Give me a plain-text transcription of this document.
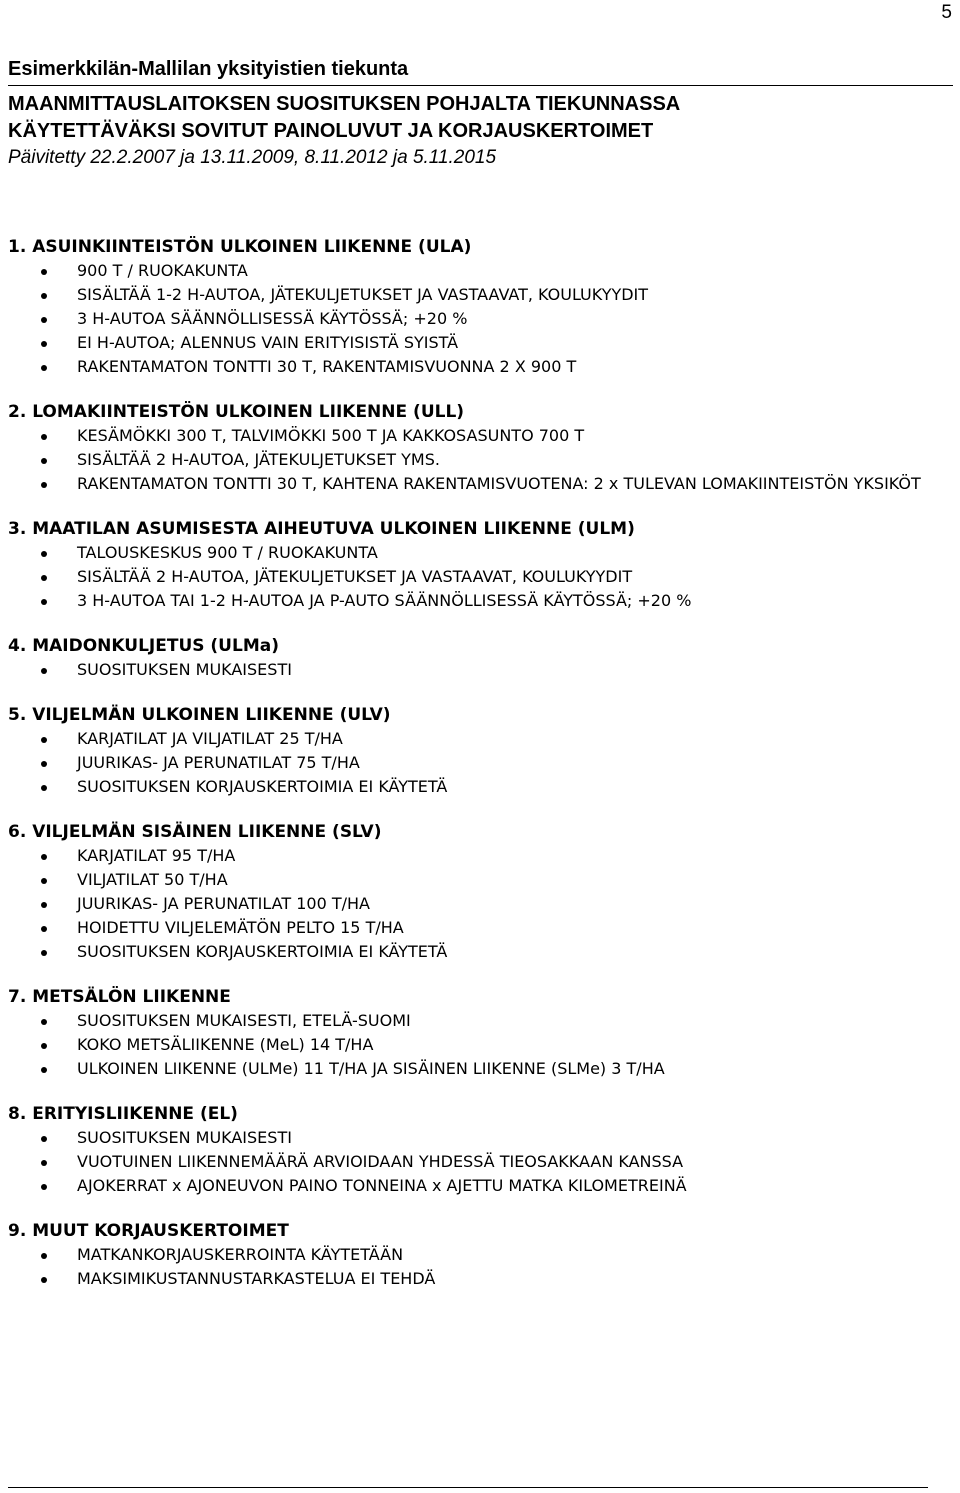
5
Esimerkkilän-Mallilan yksityistien tiekunta
MAANMITTAUSLAITOKSEN SUOSITUKSEN POHJALTA TIEKUNNASSA
KÄYTETTÄVÄKSI SOVITUT PAINOLUVUT JA KORJAUSKERTOIMET
Päivitetty 22.2.2007 ja 13.11.2009, 8.11.2012 ja 5.11.2015
1. ASUINKIINTEISTÖN ULKOINEN LIIKENNE (ULA)
900 T / RUOKAKUNTA
SISÄLTÄÄ 1-2 H-AUTOA, JÄTEKULJETUKSET JA VASTAAVAT, KOULUKYYDIT
3 H-AUTOA SÄÄNNÖLLISESSÄ KÄYTÖSSÄ; +20 %
EI H-AUTOA; ALENNUS VAIN ERITYISISTÄ SYISTÄ
RAKENTAMATON TONTTI 30 T, RAKENTAMISVUONNA 2 X 900 T
2. LOMAKIINTEISTÖN ULKOINEN LIIKENNE (ULL)
KESÄMÖKKI 300 T, TALVIMÖKKI 500 T JA KAKKOSASUNTO 700 T
SISÄLTÄÄ 2 H-AUTOA, JÄTEKULJETUKSET YMS.
RAKENTAMATON TONTTI 30 T, KAHTENA RAKENTAMISVUOTENA: 2 x TULEVAN LOMAKIINTEISTÖN YKSIKÖT
3. MAATILAN ASUMISESTA AIHEUTUVA ULKOINEN LIIKENNE (ULM)
TALOUSKESKUS 900 T / RUOKAKUNTA
SISÄLTÄÄ 2 H-AUTOA, JÄTEKULJETUKSET JA VASTAAVAT, KOULUKYYDIT
3 H-AUTOA TAI 1-2 H-AUTOA JA P-AUTO SÄÄNNÖLLISESSÄ KÄYTÖSSÄ; +20 %
4. MAIDONKULJETUS (ULMa)
SUOSITUKSEN MUKAISESTI
5. VILJELMÄN ULKOINEN LIIKENNE (ULV)
KARJATILAT JA VILJATILAT 25 T/HA
JUURIKAS- JA PERUNATILAT 75 T/HA
SUOSITUKSEN KORJAUSKERTOIMIA EI KÄYTETÄ
6. VILJELMÄN SISÄINEN LIIKENNE (SLV)
KARJATILAT 95 T/HA
VILJATILAT 50 T/HA
JUURIKAS- JA PERUNATILAT 100 T/HA
HOIDETTU VILJELEMÄTÖN PELTO 15 T/HA
SUOSITUKSEN KORJAUSKERTOIMIA EI KÄYTETÄ
7. METSÄLÖN LIIKENNE
SUOSITUKSEN MUKAISESTI, ETELÄ-SUOMI
KOKO METSÄLIIKENNE (MeL) 14 T/HA
ULKOINEN LIIKENNE (ULMe) 11 T/HA JA SISÄINEN LIIKENNE (SLMe) 3 T/HA
8. ERITYISLIIKENNE (EL)
SUOSITUKSEN MUKAISESTI
VUOTUINEN LIIKENNEMÄÄRÄ ARVIOIDAAN YHDESSÄ TIEOSAKKAAN KANSSA
AJOKERRAT x AJONEUVON PAINO TONNEINA x AJETTU MATKA KILOMETREINÄ
9. MUUT KORJAUSKERTOIMET
MATKANKORJAUSKERROINTA KÄYTETÄÄN
MAKSIMIKUSTANNUSTARKASTELUA EI TEHDÄ
